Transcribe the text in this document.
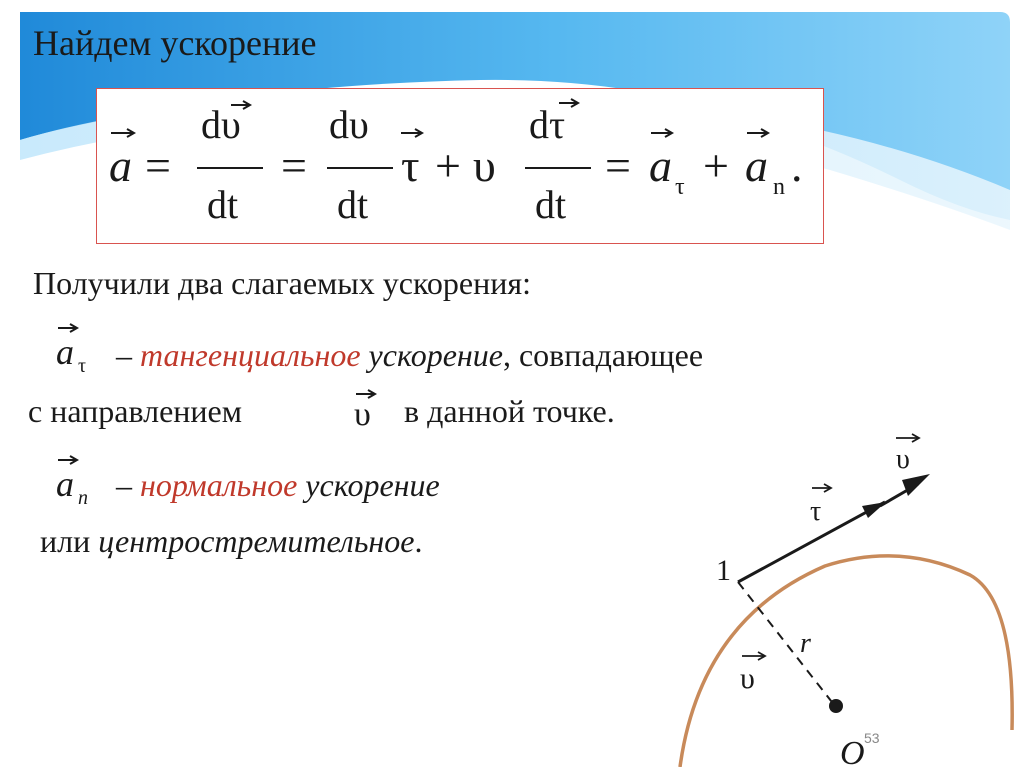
Найдем ускорение
a =
dυ
dt
=
dυ
dt
τ + υ
dτ
dt
= a τ + a n .
Получили два слагаемых ускорения:
a τ – тангенциальное ускорение, совпадающее
с направлением	υ в данной точке.
a n – нормальное ускорение
или центростремительное.
υ
τ
1
r
υ
O 53
